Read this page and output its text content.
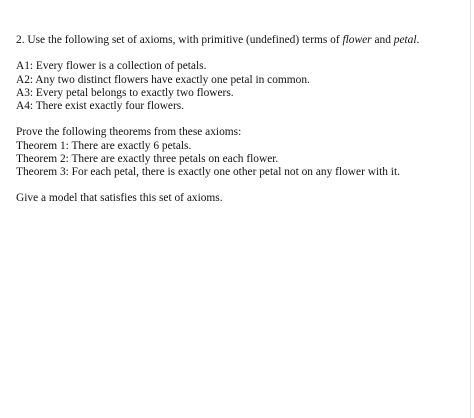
2. Use the following set of axioms, with primitive (undefined) terms of flower and petal.

A1: Every flower is a collection of petals.

A2: Any two distinct flowers have exactly one petal in common.

A3: Every petal belongs to exactly two flowers.

A4: There exist exactly four flowers.

Prove the following theorems from these axioms:

Theorem 1: There are exactly 6 petals.

Theorem 2: There are exactly three petals on each flower.

Theorem 3: For each petal, there is exactly one other petal not on any flower with it.

Give a model that satisfies this set of axioms.
